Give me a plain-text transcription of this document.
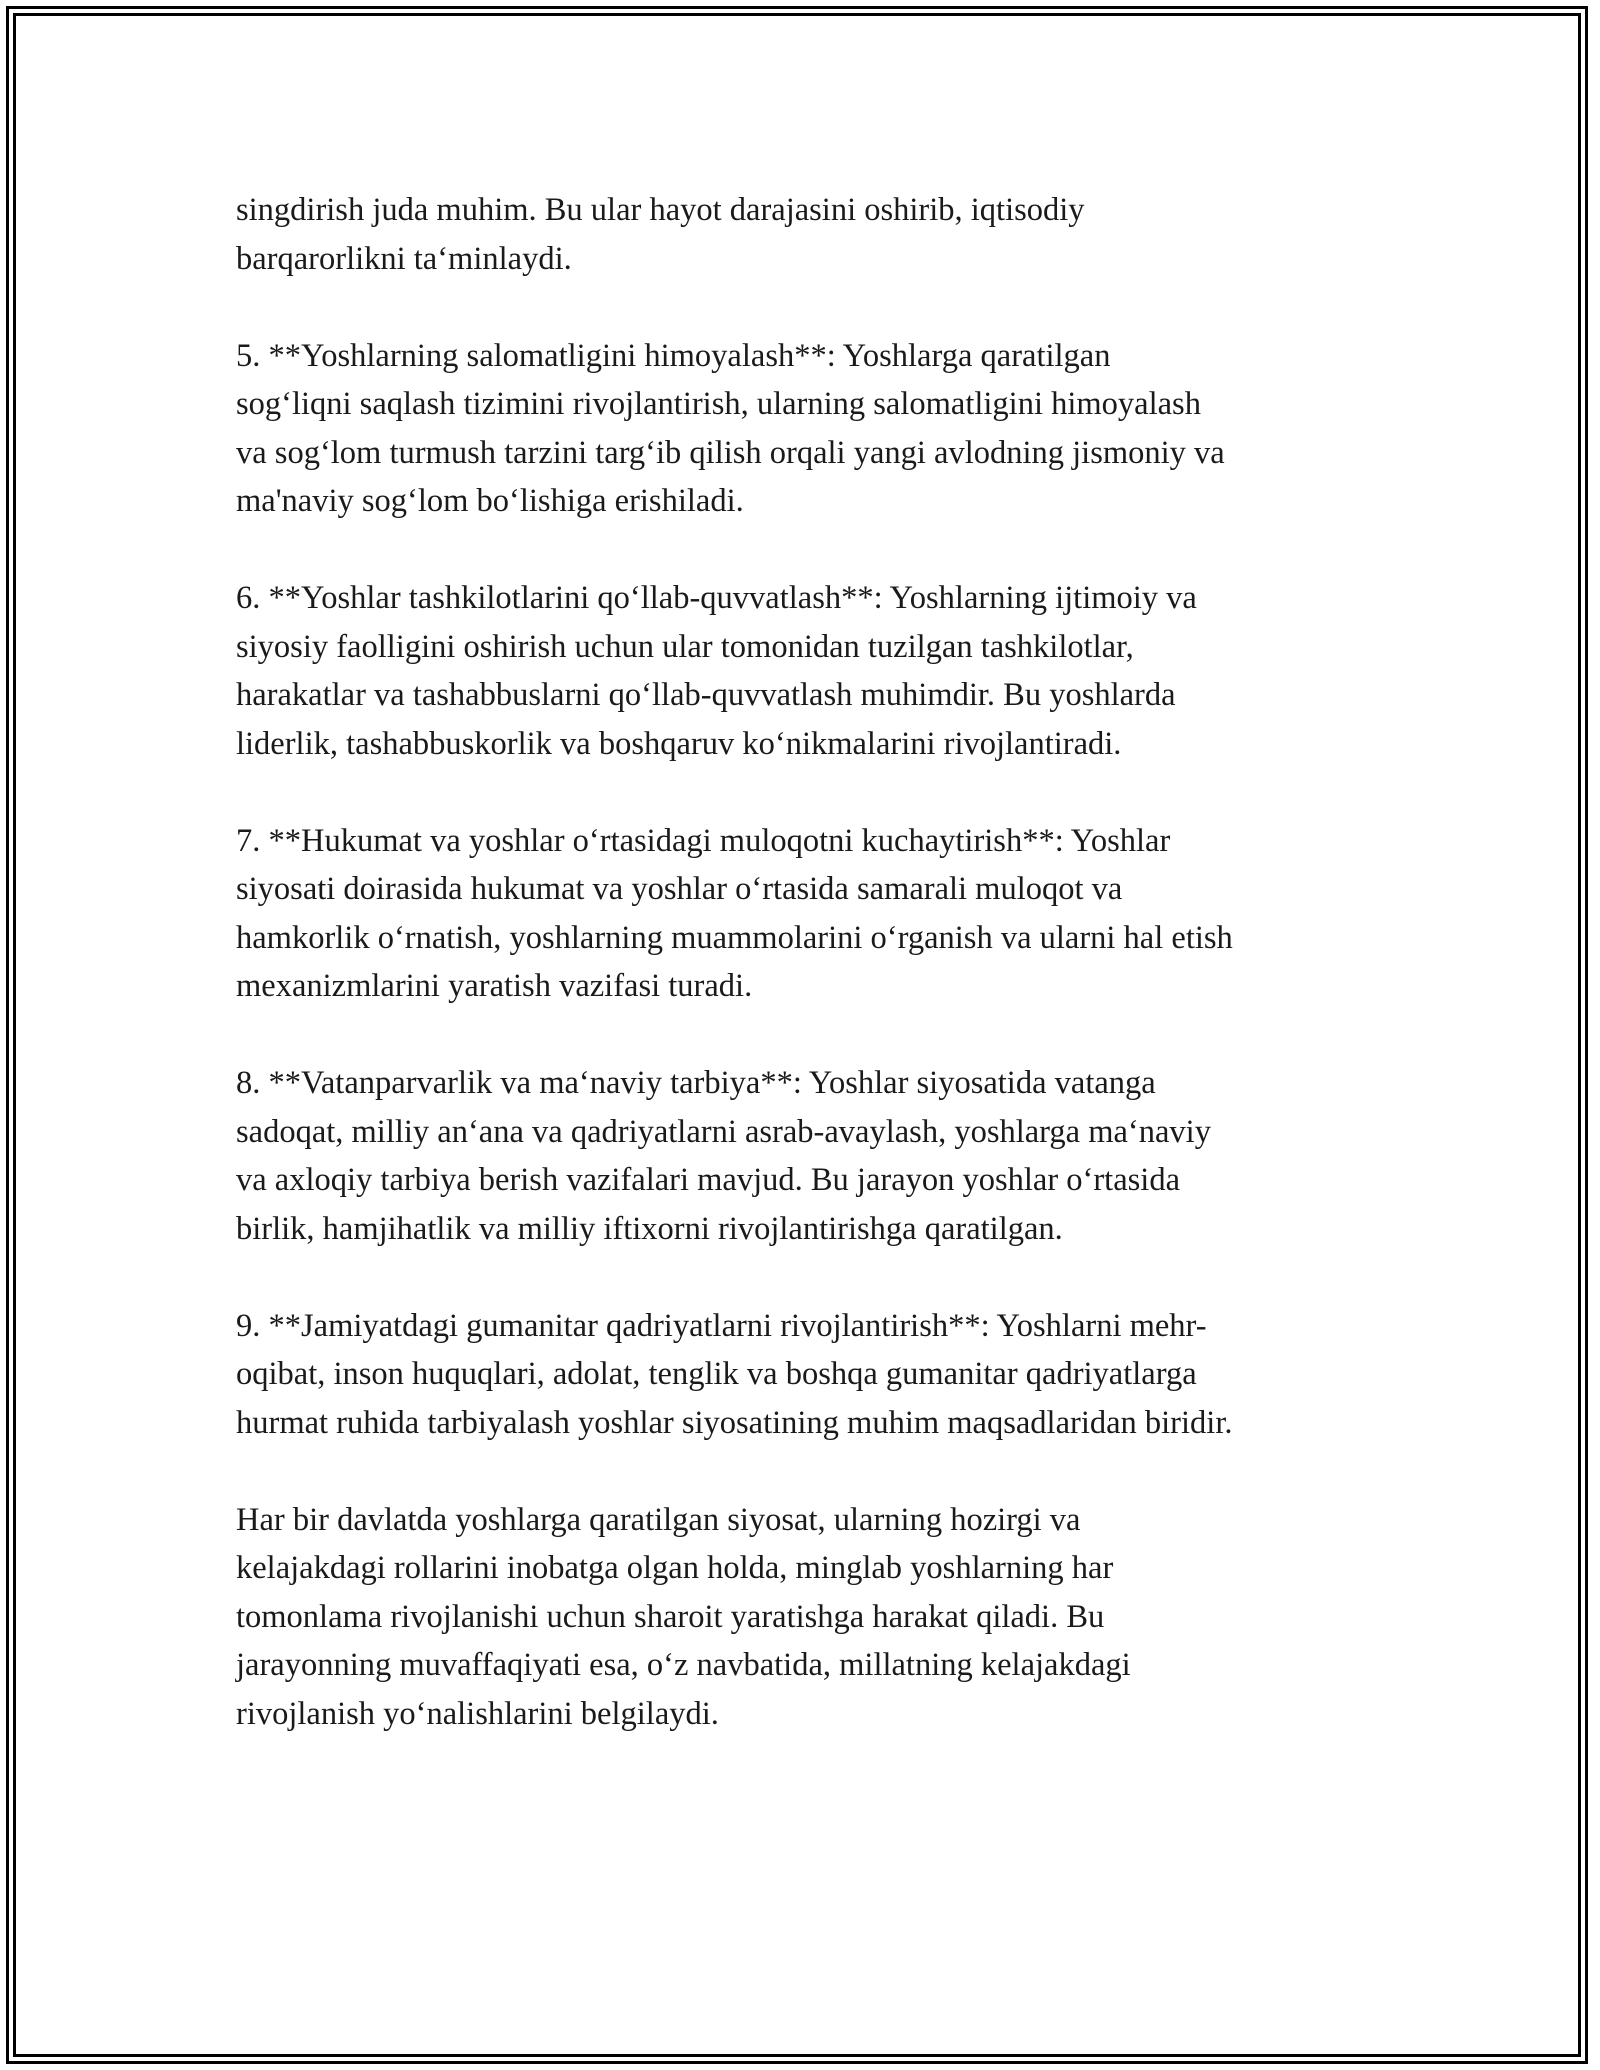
singdirish juda muhim. Bu ular hayot darajasini oshirib, iqtisodiy
barqarorlikni ta‘minlaydi.
5. **Yoshlarning salomatligini himoyalash**: Yoshlarga qaratilgan
sog‘liqni saqlash tizimini rivojlantirish, ularning salomatligini himoyalash
va sog‘lom turmush tarzini targ‘ib qilish orqali yangi avlodning jismoniy va
ma'naviy sog‘lom bo‘lishiga erishiladi.
6. **Yoshlar tashkilotlarini qo‘llab-quvvatlash**: Yoshlarning ijtimoiy va
siyosiy faolligini oshirish uchun ular tomonidan tuzilgan tashkilotlar,
harakatlar va tashabbuslarni qo‘llab-quvvatlash muhimdir. Bu yoshlarda
liderlik, tashabbuskorlik va boshqaruv ko‘nikmalarini rivojlantiradi.
7. **Hukumat va yoshlar o‘rtasidagi muloqotni kuchaytirish**: Yoshlar
siyosati doirasida hukumat va yoshlar o‘rtasida samarali muloqot va
hamkorlik o‘rnatish, yoshlarning muammolarini o‘rganish va ularni hal etish
mexanizmlarini yaratish vazifasi turadi.
8. **Vatanparvarlik va ma‘naviy tarbiya**: Yoshlar siyosatida vatanga
sadoqat, milliy an‘ana va qadriyatlarni asrab-avaylash, yoshlarga ma‘naviy
va axloqiy tarbiya berish vazifalari mavjud. Bu jarayon yoshlar o‘rtasida
birlik, hamjihatlik va milliy iftixorni rivojlantirishga qaratilgan.
9. **Jamiyatdagi gumanitar qadriyatlarni rivojlantirish**: Yoshlarni mehr-
oqibat, inson huquqlari, adolat, tenglik va boshqa gumanitar qadriyatlarga
hurmat ruhida tarbiyalash yoshlar siyosatining muhim maqsadlaridan biridir.
Har bir davlatda yoshlarga qaratilgan siyosat, ularning hozirgi va
kelajakdagi rollarini inobatga olgan holda, minglab yoshlarning har
tomonlama rivojlanishi uchun sharoit yaratishga harakat qiladi. Bu
jarayonning muvaffaqiyati esa, o‘z navbatida, millatning kelajakdagi
rivojlanish yo‘nalishlarini belgilaydi.
